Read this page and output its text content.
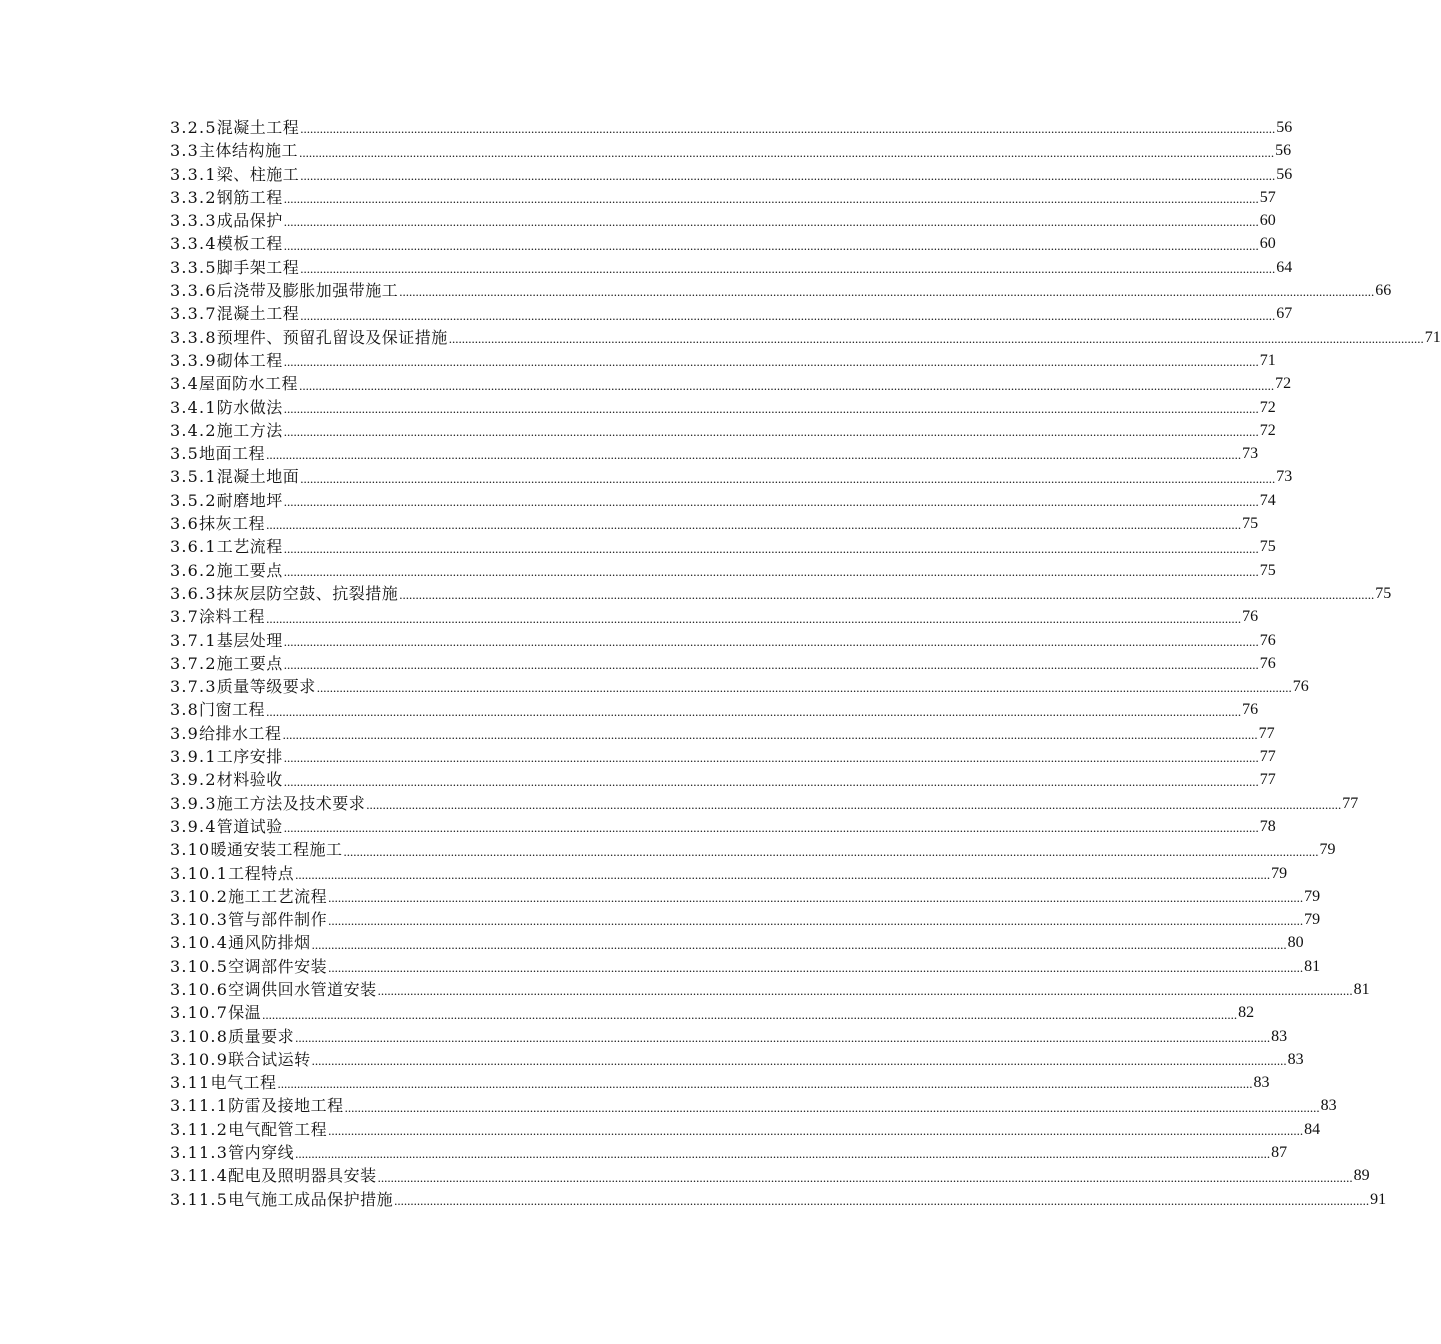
3.2.5 混凝土工程 ............................................................................................................................................................................................................................................................................................................ 56
3.3 主体结构施工 ............................................................................................................................................................................................................................................................................................................ 56
3.3.1 梁、柱施工 ............................................................................................................................................................................................................................................................................................................ 56
3.3.2 钢筋工程 ............................................................................................................................................................................................................................................................................................................ 57
3.3.3 成品保护 ............................................................................................................................................................................................................................................................................................................ 60
3.3.4 模板工程 ............................................................................................................................................................................................................................................................................................................ 60
3.3.5 脚手架工程 ............................................................................................................................................................................................................................................................................................................ 64
3.3.6 后浇带及膨胀加强带施工 ............................................................................................................................................................................................................................................................................................................ 66
3.3.7 混凝土工程 ............................................................................................................................................................................................................................................................................................................ 67
3.3.8 预埋件、预留孔留设及保证措施 ............................................................................................................................................................................................................................................................................................................ 71
3.3.9 砌体工程 ............................................................................................................................................................................................................................................................................................................ 71
3.4 屋面防水工程 ............................................................................................................................................................................................................................................................................................................ 72
3.4.1 防水做法 ............................................................................................................................................................................................................................................................................................................ 72
3.4.2 施工方法 ............................................................................................................................................................................................................................................................................................................ 72
3.5 地面工程 ............................................................................................................................................................................................................................................................................................................ 73
3.5.1 混凝土地面 ............................................................................................................................................................................................................................................................................................................ 73
3.5.2 耐磨地坪 ............................................................................................................................................................................................................................................................................................................ 74
3.6 抹灰工程 ............................................................................................................................................................................................................................................................................................................ 75
3.6.1 工艺流程 ............................................................................................................................................................................................................................................................................................................ 75
3.6.2 施工要点 ............................................................................................................................................................................................................................................................................................................ 75
3.6.3 抹灰层防空鼓、抗裂措施 ............................................................................................................................................................................................................................................................................................................ 75
3.7 涂料工程 ............................................................................................................................................................................................................................................................................................................ 76
3.7.1 基层处理 ............................................................................................................................................................................................................................................................................................................ 76
3.7.2 施工要点 ............................................................................................................................................................................................................................................................................................................ 76
3.7.3 质量等级要求 ............................................................................................................................................................................................................................................................................................................ 76
3.8 门窗工程 ............................................................................................................................................................................................................................................................................................................ 76
3.9 给排水工程 ............................................................................................................................................................................................................................................................................................................ 77
3.9.1 工序安排 ............................................................................................................................................................................................................................................................................................................ 77
3.9.2 材料验收 ............................................................................................................................................................................................................................................................................................................ 77
3.9.3 施工方法及技术要求 ............................................................................................................................................................................................................................................................................................................ 77
3.9.4 管道试验 ............................................................................................................................................................................................................................................................................................................ 78
3.10 暖通安装工程施工 ............................................................................................................................................................................................................................................................................................................ 79
3.10.1 工程特点 ............................................................................................................................................................................................................................................................................................................ 79
3.10.2 施工工艺流程 ............................................................................................................................................................................................................................................................................................................ 79
3.10.3 管与部件制作 ............................................................................................................................................................................................................................................................................................................ 79
3.10.4 通风防排烟 ............................................................................................................................................................................................................................................................................................................ 80
3.10.5 空调部件安装 ............................................................................................................................................................................................................................................................................................................ 81
3.10.6 空调供回水管道安装 ............................................................................................................................................................................................................................................................................................................ 81
3.10.7 保温 ............................................................................................................................................................................................................................................................................................................ 82
3.10.8 质量要求 ............................................................................................................................................................................................................................................................................................................ 83
3.10.9 联合试运转 ............................................................................................................................................................................................................................................................................................................ 83
3.11 电气工程 ............................................................................................................................................................................................................................................................................................................ 83
3.11.1 防雷及接地工程 ............................................................................................................................................................................................................................................................................................................ 83
3.11.2 电气配管工程 ............................................................................................................................................................................................................................................................................................................ 84
3.11.3 管内穿线 ............................................................................................................................................................................................................................................................................................................ 87
3.11.4 配电及照明器具安装 ............................................................................................................................................................................................................................................................................................................ 89
3.11.5 电气施工成品保护措施 ............................................................................................................................................................................................................................................................................................................ 91
